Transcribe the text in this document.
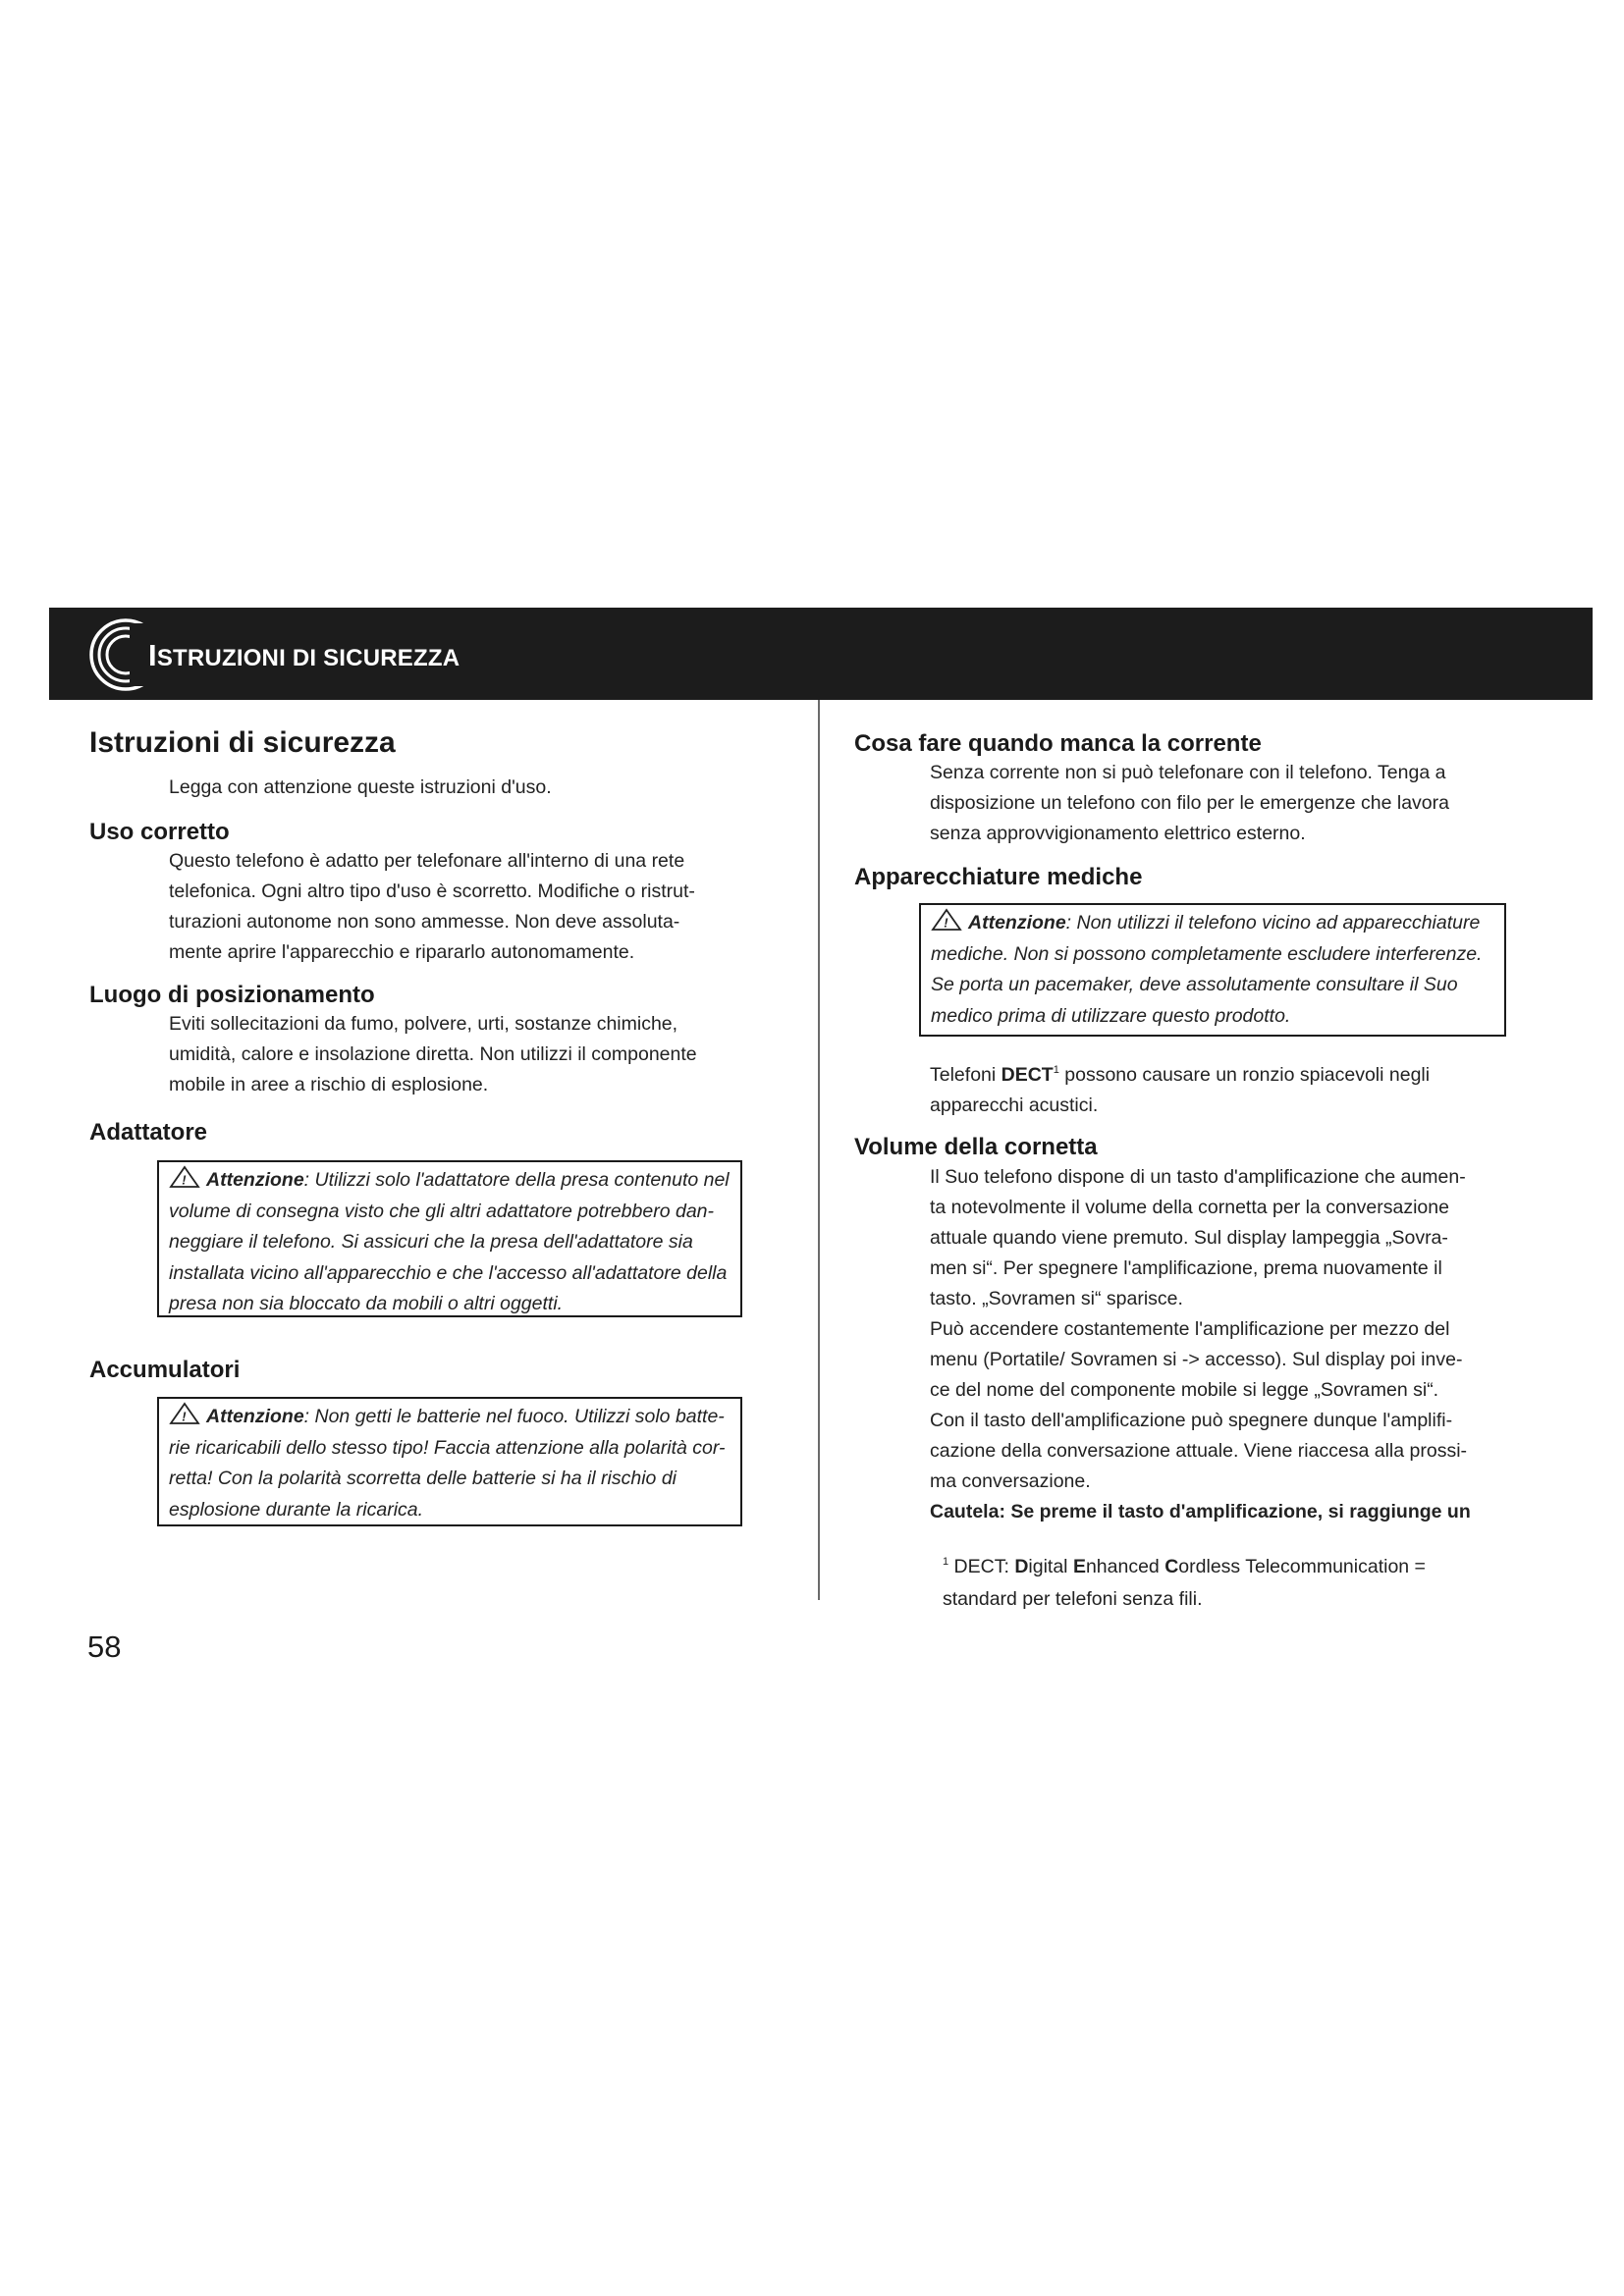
ISTRUZIONI DI SICUREZZA
Istruzioni di sicurezza
Legga con attenzione queste istruzioni d'uso.
Uso corretto
Questo telefono è adatto per telefonare all'interno di una rete
telefonica. Ogni altro tipo d'uso è scorretto. Modifiche o ristrut-
turazioni autonome non sono ammesse. Non deve assoluta-
mente aprire l'apparecchio e ripararlo autonomamente.
Luogo di posizionamento
Eviti sollecitazioni da fumo, polvere, urti, sostanze chimiche,
umidità, calore e insolazione diretta. Non utilizzi il componente
mobile in aree a rischio di esplosione.
Adattatore
! Attenzione: Utilizzi solo l'adattatore della presa contenuto nel
volume di consegna visto che gli altri adattatore potrebbero dan-
neggiare il telefono. Si assicuri che la presa dell'adattatore sia
installata vicino all'apparecchio e che l'accesso all'adattatore della
presa non sia bloccato da mobili o altri oggetti.
Accumulatori
! Attenzione: Non getti le batterie nel fuoco. Utilizzi solo batte-
rie ricaricabili dello stesso tipo! Faccia attenzione alla polarità cor-
retta! Con la polarità scorretta delle batterie si ha il rischio di
esplosione durante la ricarica.
58
Cosa fare quando manca la corrente
Senza corrente non si può telefonare con il telefono. Tenga a
disposizione un telefono con filo per le emergenze che lavora
senza approvvigionamento elettrico esterno.
Apparecchiature mediche
! Attenzione: Non utilizzi il telefono vicino ad apparecchiature
mediche. Non si possono completamente escludere interferenze.
Se porta un pacemaker, deve assolutamente consultare il Suo
medico prima di utilizzare questo prodotto.
Telefoni DECT$^1$ possono causare un ronzio spiacevoli negli
apparecchi acustici.
Volume della cornetta
Il Suo telefono dispone di un tasto d'amplificazione che aumen-
ta notevolmente il volume della cornetta per la conversazione
attuale quando viene premuto. Sul display lampeggia „Sovra-
men si“. Per spegnere l'amplificazione, prema nuovamente il
tasto. „Sovramen si“ sparisce.
Può accendere costantemente l'amplificazione per mezzo del
menu (Portatile/ Sovramen si -> accesso). Sul display poi inve-
ce del nome del componente mobile si legge „Sovramen si“.
Con il tasto dell'amplificazione può spegnere dunque l'amplifi-
cazione della conversazione attuale. Viene riaccesa alla prossi-
ma conversazione.
Cautela: Se preme il tasto d'amplificazione, si raggiunge un
$^1$ DECT: Digital Enhanced Cordless Telecommunication =
standard per telefoni senza fili.
